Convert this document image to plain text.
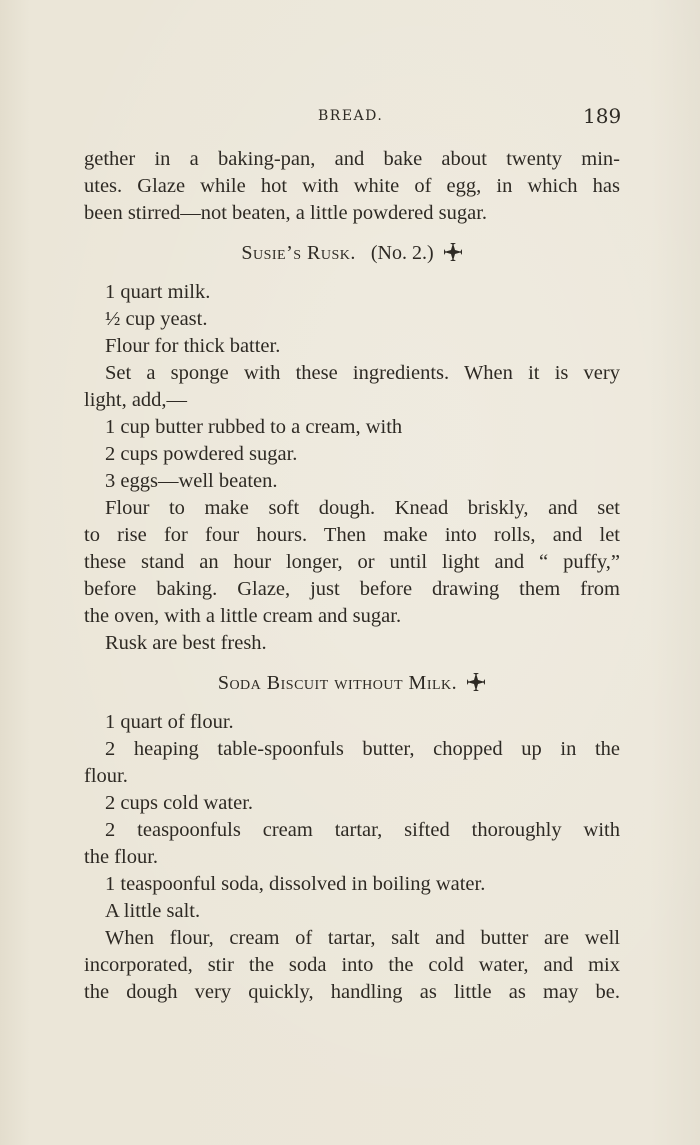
BREAD.	189
gether in a baking-pan, and bake about twenty min-
utes. Glaze while hot with white of egg, in which has
been stirred—not beaten, a little powdered sugar.
Susie’s Rusk. (No. 2.)
1 quart milk.
½ cup yeast.
Flour for thick batter.
Set a sponge with these ingredients. When it is very
light, add,—
1 cup butter rubbed to a cream, with
2 cups powdered sugar.
3 eggs—well beaten.
Flour to make soft dough. Knead briskly, and set
to rise for four hours. Then make into rolls, and let
these stand an hour longer, or until light and “ puffy,”
before baking. Glaze, just before drawing them from
the oven, with a little cream and sugar.
Rusk are best fresh.
Soda Biscuit without Milk.
1 quart of flour.
2 heaping table-spoonfuls butter, chopped up in the
flour.
2 cups cold water.
2 teaspoonfuls cream tartar, sifted thoroughly with
the flour.
1 teaspoonful soda, dissolved in boiling water.
A little salt.
When flour, cream of tartar, salt and butter are well
incorporated, stir the soda into the cold water, and mix
the dough very quickly, handling as little as may be.
